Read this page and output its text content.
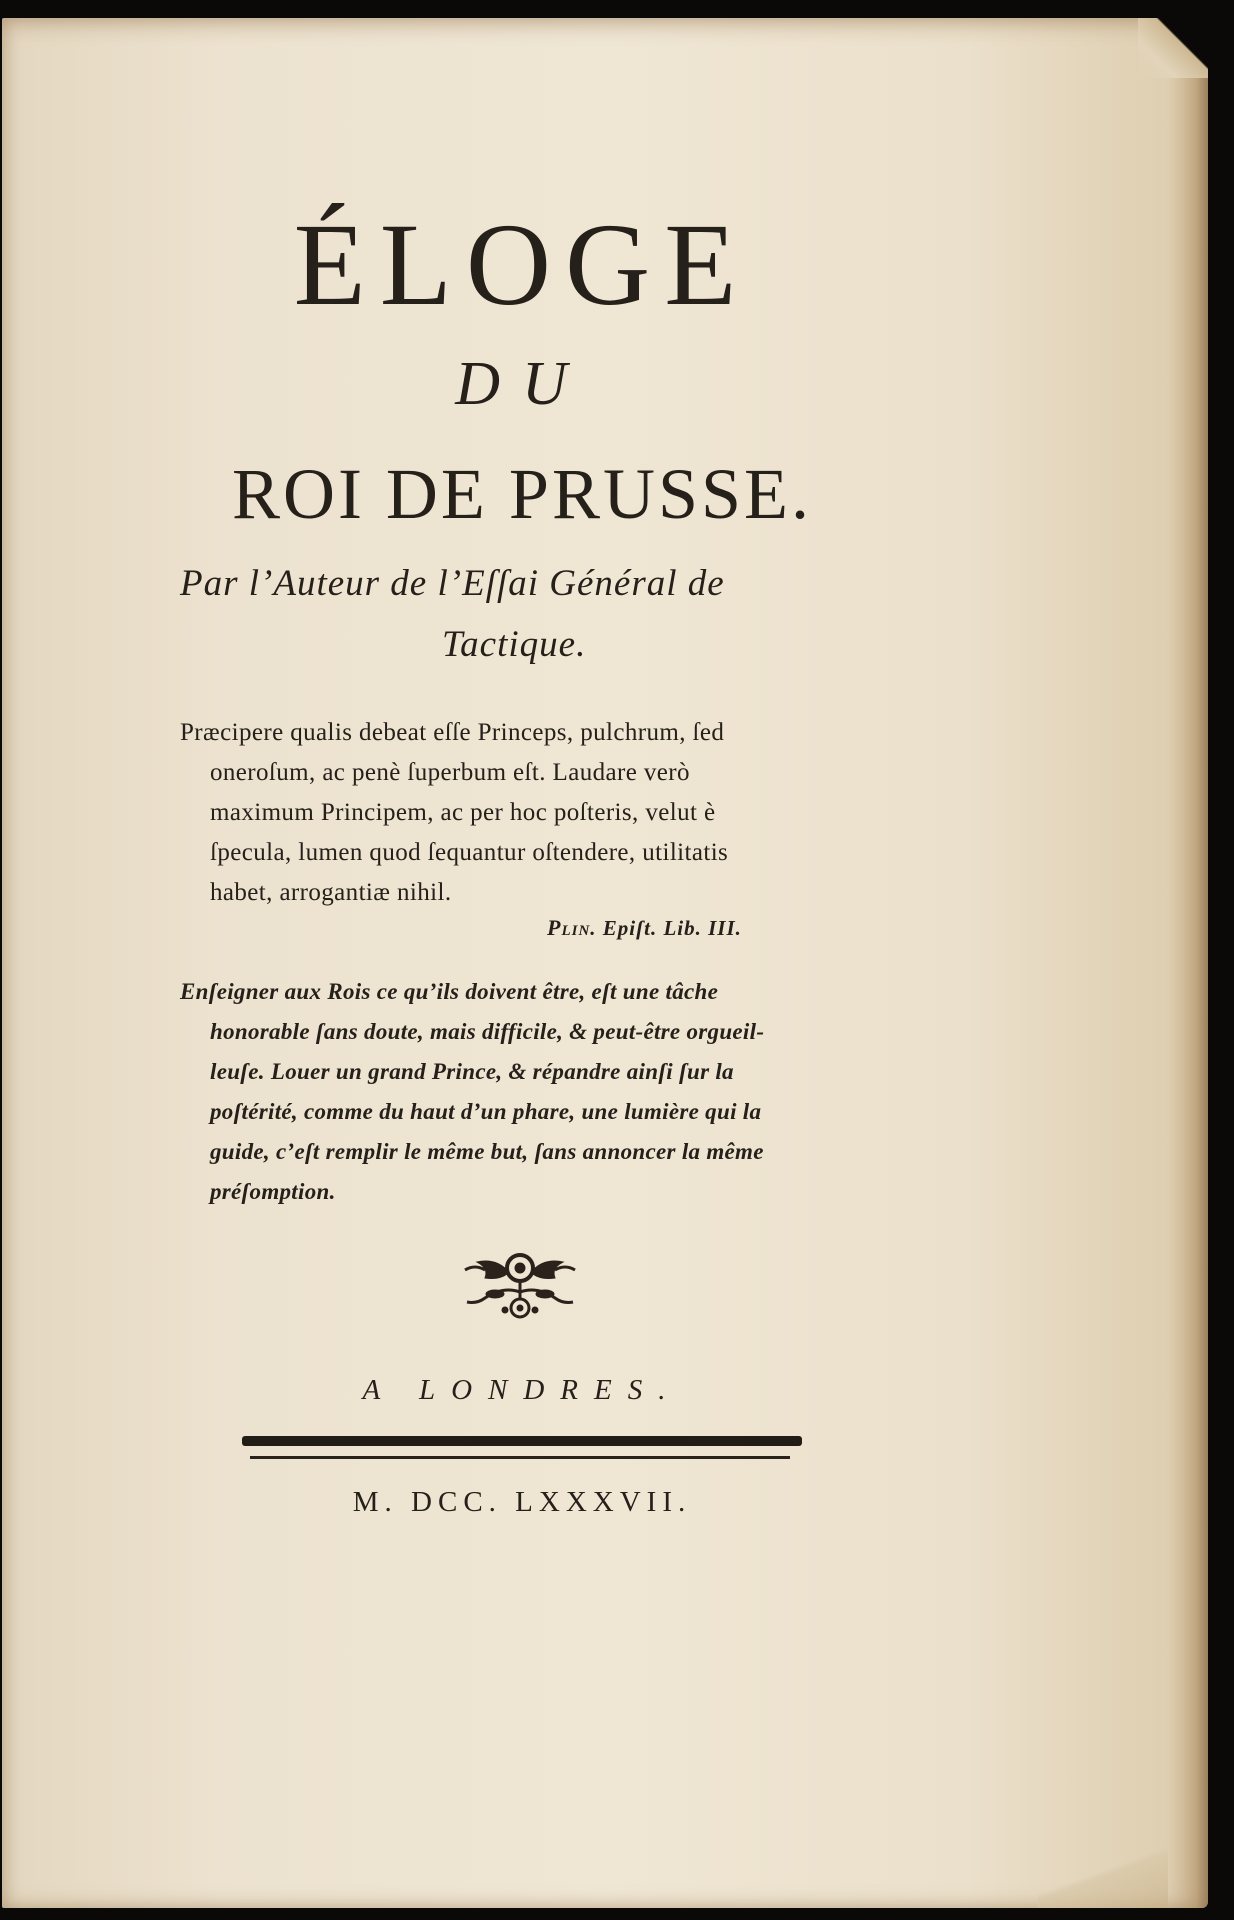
ÉLOGE
DU
ROI DE PRUSSE.
Par l’Auteur de l’Eſſai Général de
Tactique.
Præcipere qualis debeat eſſe Princeps, pulchrum, ſed
oneroſum, ac penè ſuperbum eſt. Laudare verò
maximum Principem, ac per hoc poſteris, velut è
ſpecula, lumen quod ſequantur oſtendere, utilitatis
habet, arrogantiæ nihil.
Plin. Epiſt. Lib. III.
Enſeigner aux Rois ce qu’ils doivent être, eſt une tâche
honorable ſans doute, mais difficile, & peut-être orgueil-
leuſe. Louer un grand Prince, & répandre ainſi ſur la
poſtérité, comme du haut d’un phare, une lumière qui la
guide, c’eſt remplir le même but, ſans annoncer la même
préſomption.
A LONDRES.
M. DCC. LXXXVII.
